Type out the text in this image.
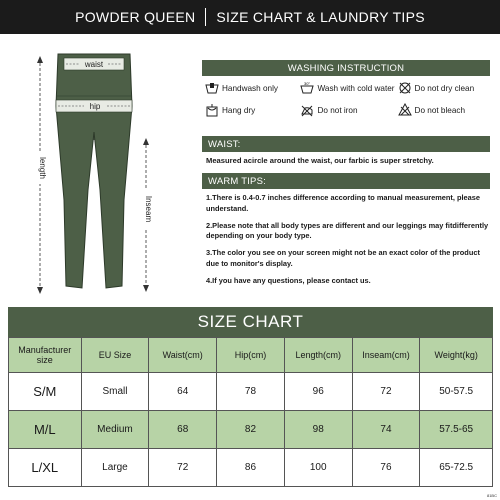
POWDER QUEEN SIZE CHART & LAUNDRY TIPS
length
Inseam
waist
hip
WASHING INSTRUCTION
Handwash only	30° Wash with cold water Do not dry clean
Hang dry	Do not iron	Do not bleach
WAIST:
Measured acircle around the waist, our farbic is super stretchy.
WARM TIPS:

1.There is 0.4-0.7 inches difference according to manual measurement, please understand.

2.Please note that all body types are different and our leggings may fitdifferently depending on your body type.

3.The color you see on your screen might not be an exact color of the product due to monitor's display.

4.If you have any questions, please contact us.

SIZE CHART
Manufacturer size	EU Size	Waist(cm)	Hip(cm)	Length(cm)	Inseam(cm)	Weight(kg)
S/M	Small	64	78	96	72	50-57.5
M/L	Medium	68	82	98	74	57.5-65
L/XL	Large	72	86	100	76	65-72.5
81BC
